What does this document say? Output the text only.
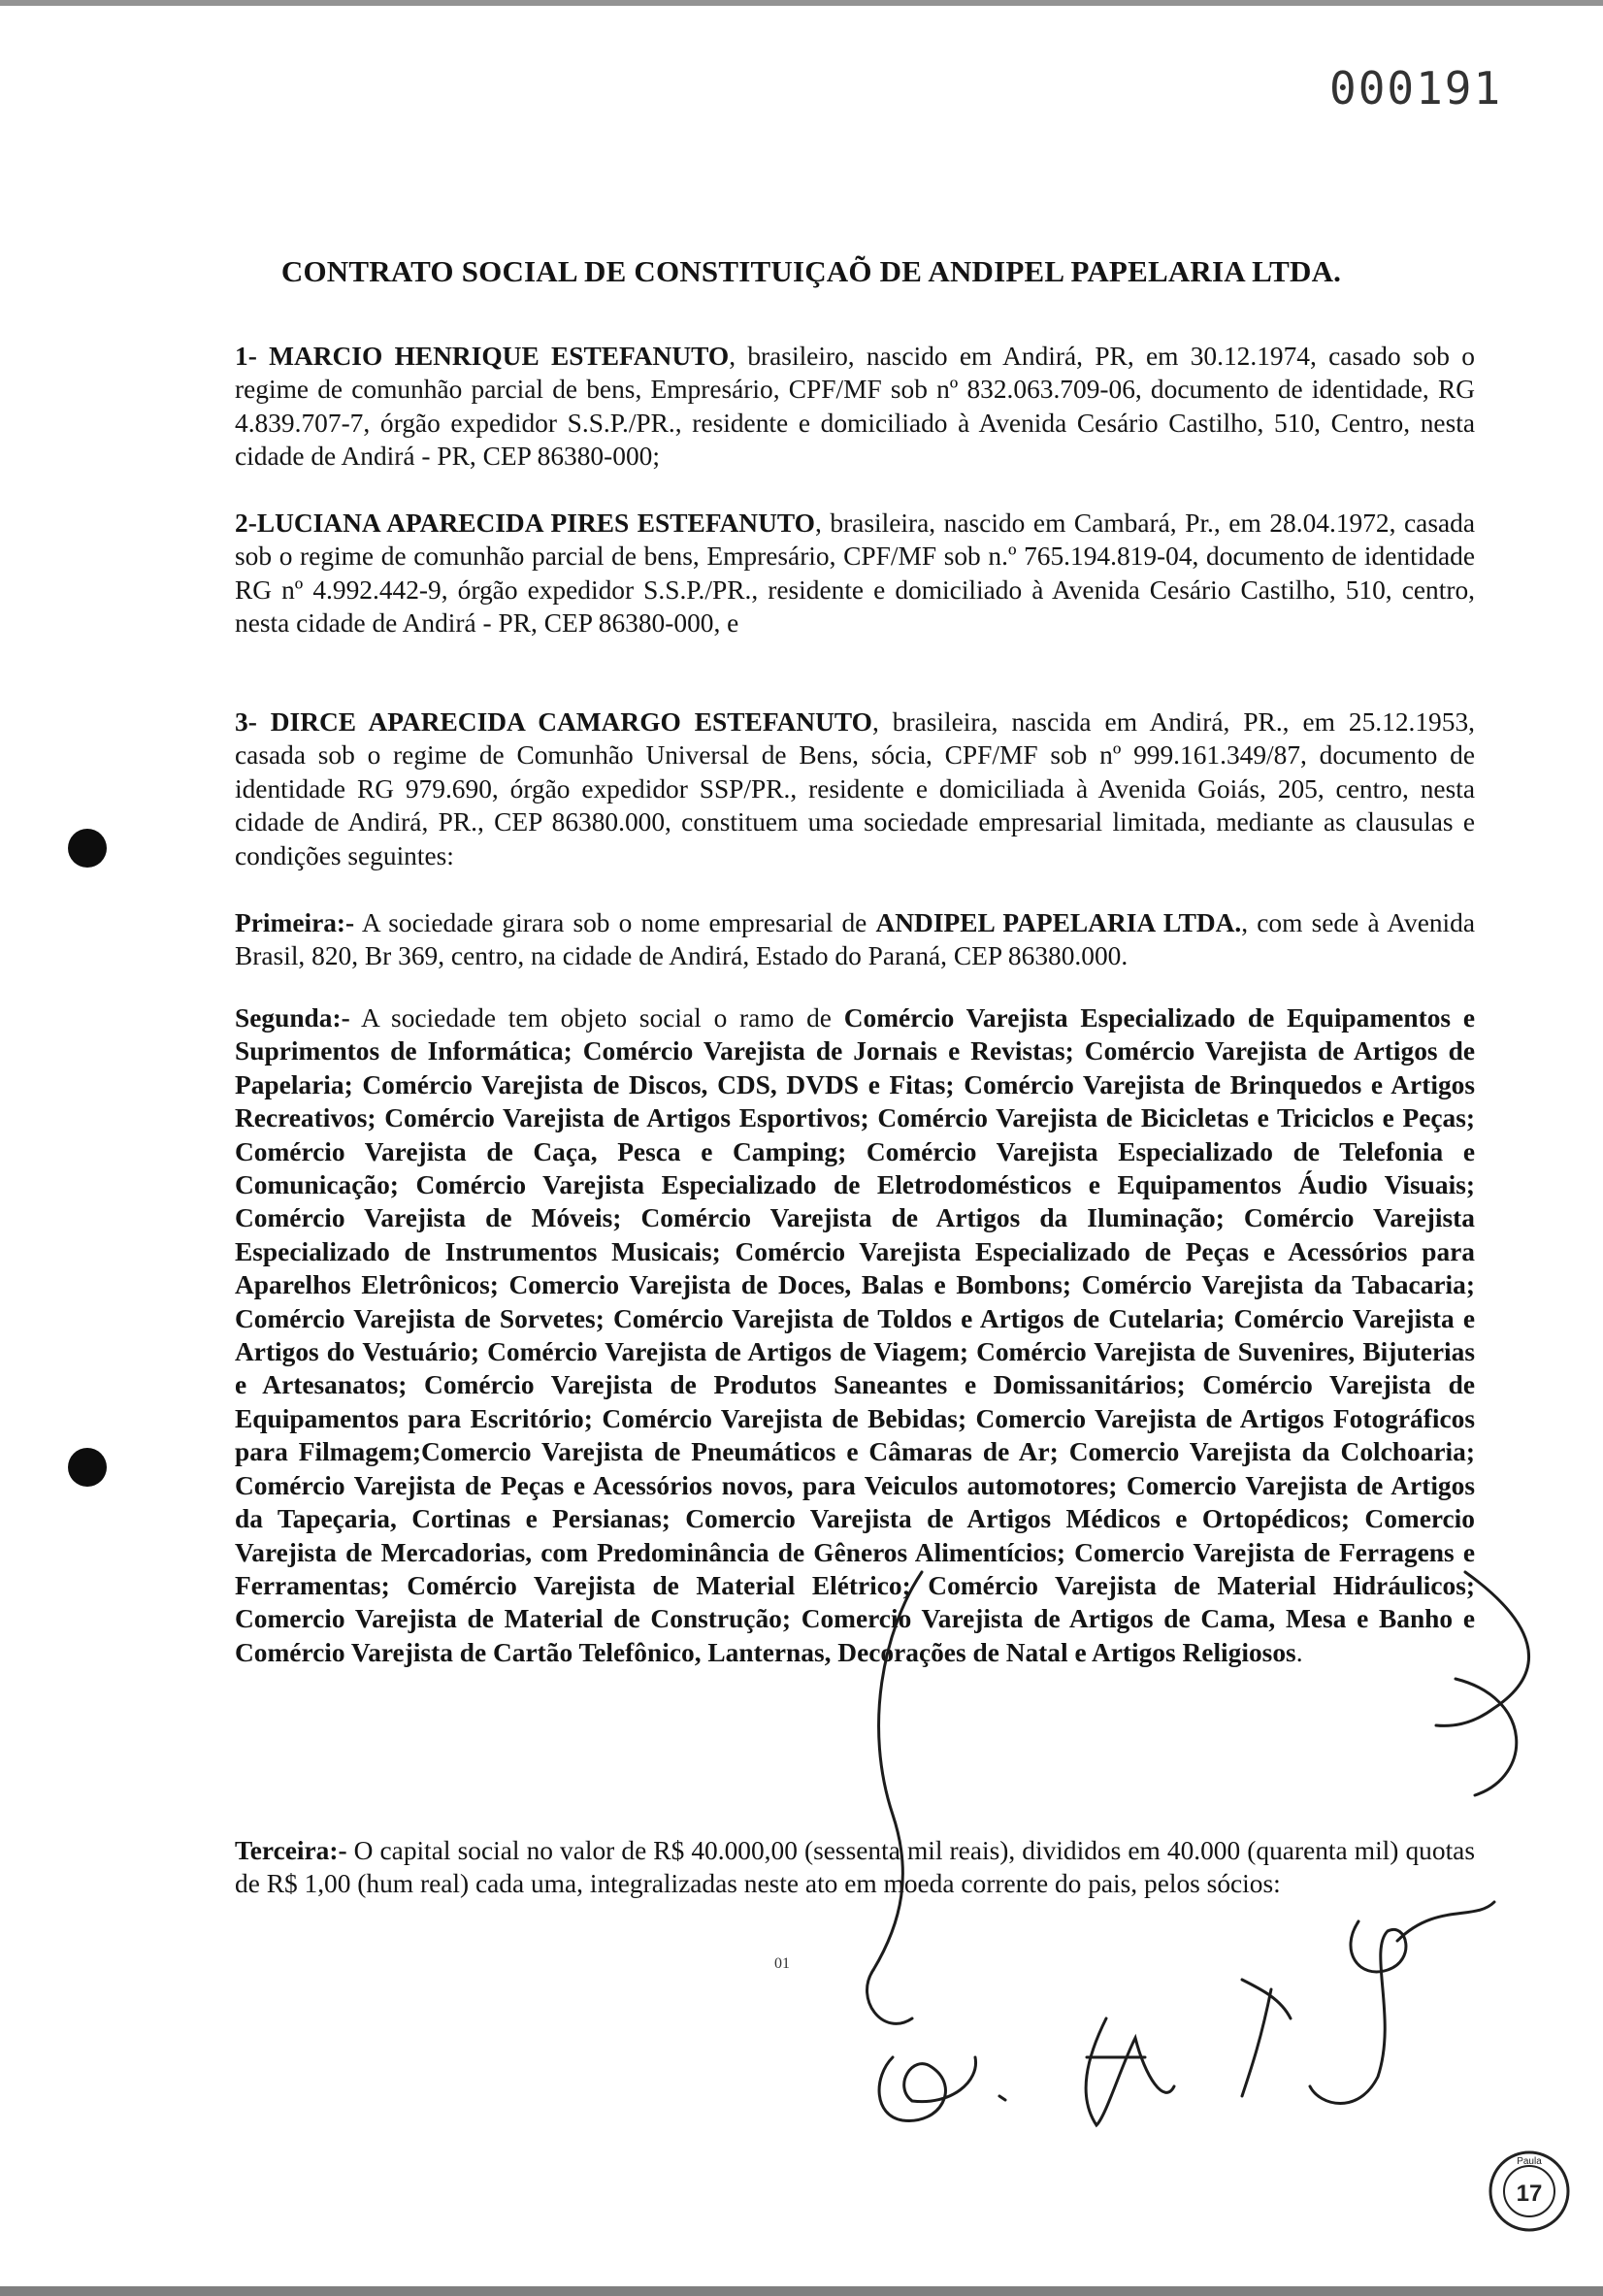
000191
CONTRATO SOCIAL DE CONSTITUIÇAÕ DE ANDIPEL PAPELARIA LTDA.
1- MARCIO HENRIQUE ESTEFANUTO, brasileiro, nascido em Andirá, PR, em 30.12.1974, casado sob o regime de comunhão parcial de bens, Empresário, CPF/MF sob nº 832.063.709-06, documento de identidade, RG 4.839.707-7, órgão expedidor S.S.P./PR., residente e domiciliado à Avenida Cesário Castilho, 510, Centro, nesta cidade de Andirá - PR, CEP 86380-000;
2-LUCIANA APARECIDA PIRES ESTEFANUTO, brasileira, nascido em Cambará, Pr., em 28.04.1972, casada sob o regime de comunhão parcial de bens, Empresário, CPF/MF sob n.º 765.194.819-04, documento de identidade RG nº 4.992.442-9, órgão expedidor S.S.P./PR., residente e domiciliado à Avenida Cesário Castilho, 510, centro, nesta cidade de Andirá - PR, CEP 86380-000, e
3- DIRCE APARECIDA CAMARGO ESTEFANUTO, brasileira, nascida em Andirá, PR., em 25.12.1953, casada sob o regime de Comunhão Universal de Bens, sócia, CPF/MF sob nº 999.161.349/87, documento de identidade RG 979.690, órgão expedidor SSP/PR., residente e domiciliada à Avenida Goiás, 205, centro, nesta cidade de Andirá, PR., CEP 86380.000, constituem uma sociedade empresarial limitada, mediante as clausulas e condições seguintes:
Primeira:- A sociedade girara sob o nome empresarial de ANDIPEL PAPELARIA LTDA., com sede à Avenida Brasil, 820, Br 369, centro, na cidade de Andirá, Estado do Paraná, CEP 86380.000.
Segunda:- A sociedade tem objeto social o ramo de Comércio Varejista Especializado de Equipamentos e Suprimentos de Informática; Comércio Varejista de Jornais e Revistas; Comércio Varejista de Artigos de Papelaria; Comércio Varejista de Discos, CDS, DVDS e Fitas; Comércio Varejista de Brinquedos e Artigos Recreativos; Comércio Varejista de Artigos Esportivos; Comércio Varejista de Bicicletas e Triciclos e Peças; Comércio Varejista de Caça, Pesca e Camping; Comércio Varejista Especializado de Telefonia e Comunicação; Comércio Varejista Especializado de Eletrodomésticos e Equipamentos Áudio Visuais; Comércio Varejista de Móveis; Comércio Varejista de Artigos da Iluminação; Comércio Varejista Especializado de Instrumentos Musicais; Comércio Varejista Especializado de Peças e Acessórios para Aparelhos Eletrônicos; Comercio Varejista de Doces, Balas e Bombons; Comércio Varejista da Tabacaria; Comércio Varejista de Sorvetes; Comércio Varejista de Toldos e Artigos de Cutelaria; Comércio Varejista e Artigos do Vestuário; Comércio Varejista de Artigos de Viagem; Comércio Varejista de Suvenires, Bijuterias e Artesanatos; Comércio Varejista de Produtos Saneantes e Domissanitários; Comércio Varejista de Equipamentos para Escritório; Comércio Varejista de Bebidas; Comercio Varejista de Artigos Fotográficos para Filmagem;Comercio Varejista de Pneumáticos e Câmaras de Ar; Comercio Varejista da Colchoaria; Comércio Varejista de Peças e Acessórios novos, para Veiculos automotores; Comercio Varejista de Artigos da Tapeçaria, Cortinas e Persianas; Comercio Varejista de Artigos Médicos e Ortopédicos; Comercio Varejista de Mercadorias, com Predominância de Gêneros Alimentícios; Comercio Varejista de Ferragens e Ferramentas; Comércio Varejista de Material Elétrico; Comércio Varejista de Material Hidráulicos; Comercio Varejista de Material de Construção; Comercio Varejista de Artigos de Cama, Mesa e Banho e Comércio Varejista de Cartão Telefônico, Lanternas, Decorações de Natal e Artigos Religiosos.
Terceira:- O capital social no valor de R$ 40.000,00 (sessenta mil reais), divididos em 40.000 (quarenta mil) quotas de R$ 1,00 (hum real) cada uma, integralizadas neste ato em moeda corrente do pais, pelos sócios:
01
17
Paula
